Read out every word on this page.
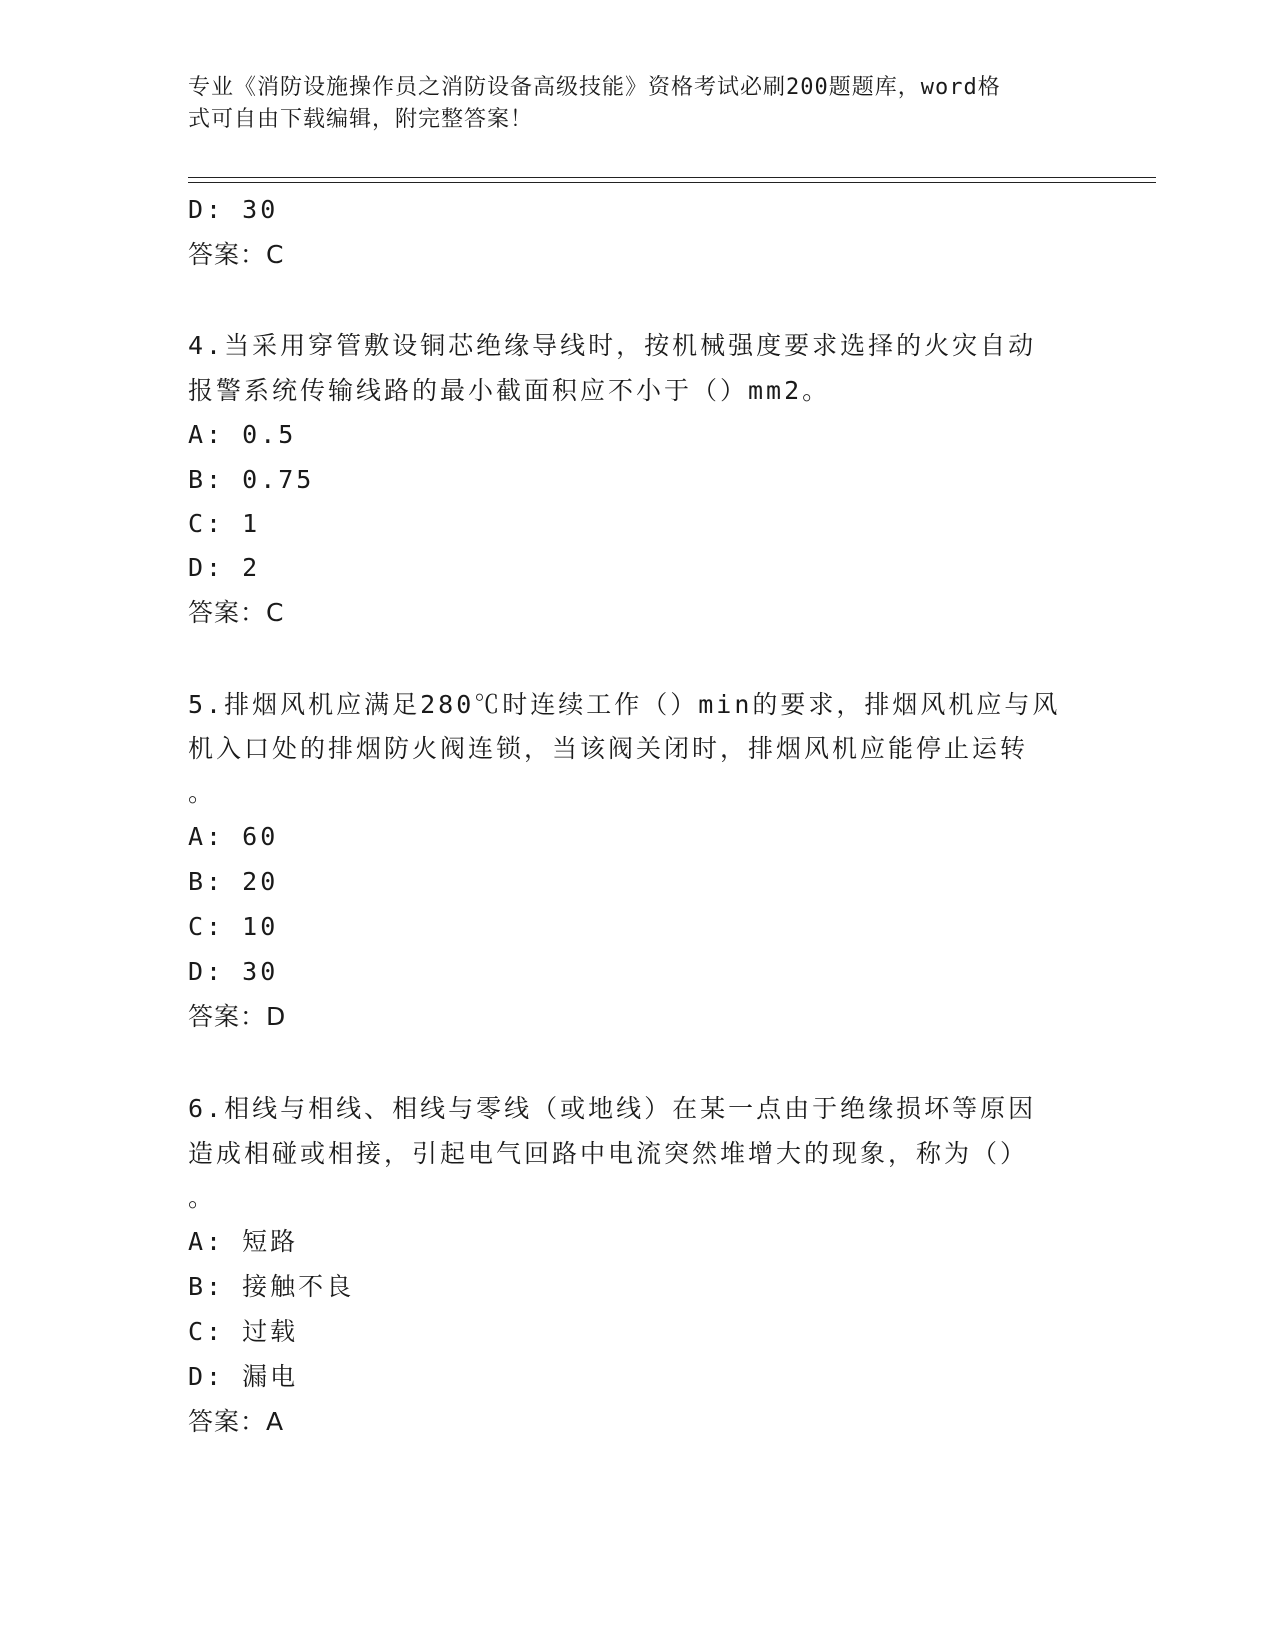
专业《消防设施操作员之消防设备高级技能》资格考试必刷200题题库，word格
式可自由下载编辑，附完整答案！
D: 30
答案：C
4.当采用穿管敷设铜芯绝缘导线时，按机械强度要求选择的火灾自动
报警系统传输线路的最小截面积应不小于（）mm2。
A: 0.5
B: 0.75
C: 1
D: 2
答案：C
5.排烟风机应满足280℃时连续工作（）min的要求，排烟风机应与风
机入口处的排烟防火阀连锁，当该阀关闭时，排烟风机应能停止运转
。
A: 60
B: 20
C: 10
D: 30
答案：D
6.相线与相线、相线与零线（或地线）在某一点由于绝缘损坏等原因
造成相碰或相接，引起电气回路中电流突然堆增大的现象，称为（）
。
A: 短路
B: 接触不良
C: 过载
D: 漏电
答案：A
